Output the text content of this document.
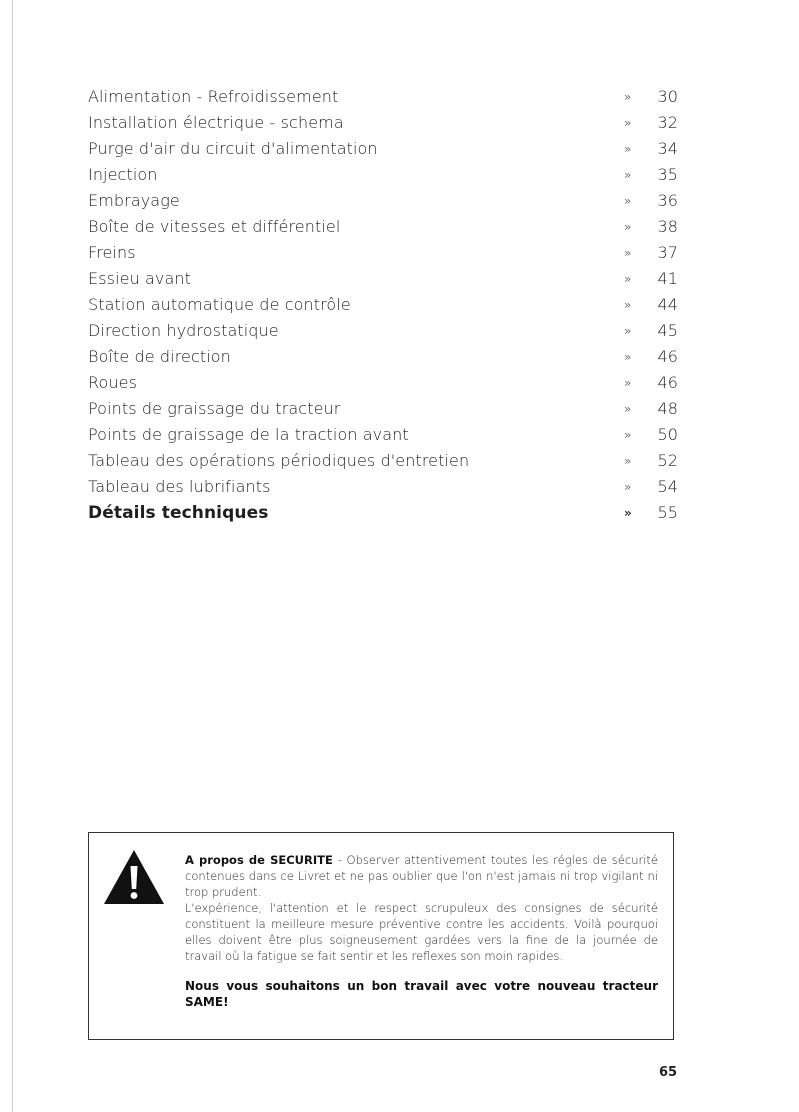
Alimentation - Refroidissement	» 30
Installation électrique - schema	» 32
Purge d'air du circuit d'alimentation	» 34
Injection	» 35
Embrayage	» 36
Boîte de vitesses et différentiel	» 38
Freins	» 37
Essieu avant	» 41
Station automatique de contrôle	» 44
Direction hydrostatique	» 45
Boîte de direction	» 46
Roues	» 46
Points de graissage du tracteur	» 48
Points de graissage de la traction avant	» 50
Tableau des opérations périodiques d'entretien	» 52
Tableau des lubrifiants	» 54
Détails techniques	» 55
A propos de SECURITE - Observer attentivement toutes les régles de sécurité contenues dans ce Livret et ne pas oublier que l'on n'est jamais ni trop vigilant ni trop prudent.
L'expérience, l'attention et le respect scrupuleux des consignes de sécurité constituent la meilleure mesure préventive contre les accidents. Voilà pourquoi elles doivent être plus soigneusement gardées vers la fine de la journée de travail où la fatigue se fait sentir et les reflexes son moin rapides.
Nous vous souhaitons un bon travail avec votre nouveau tracteur SAME!
65
